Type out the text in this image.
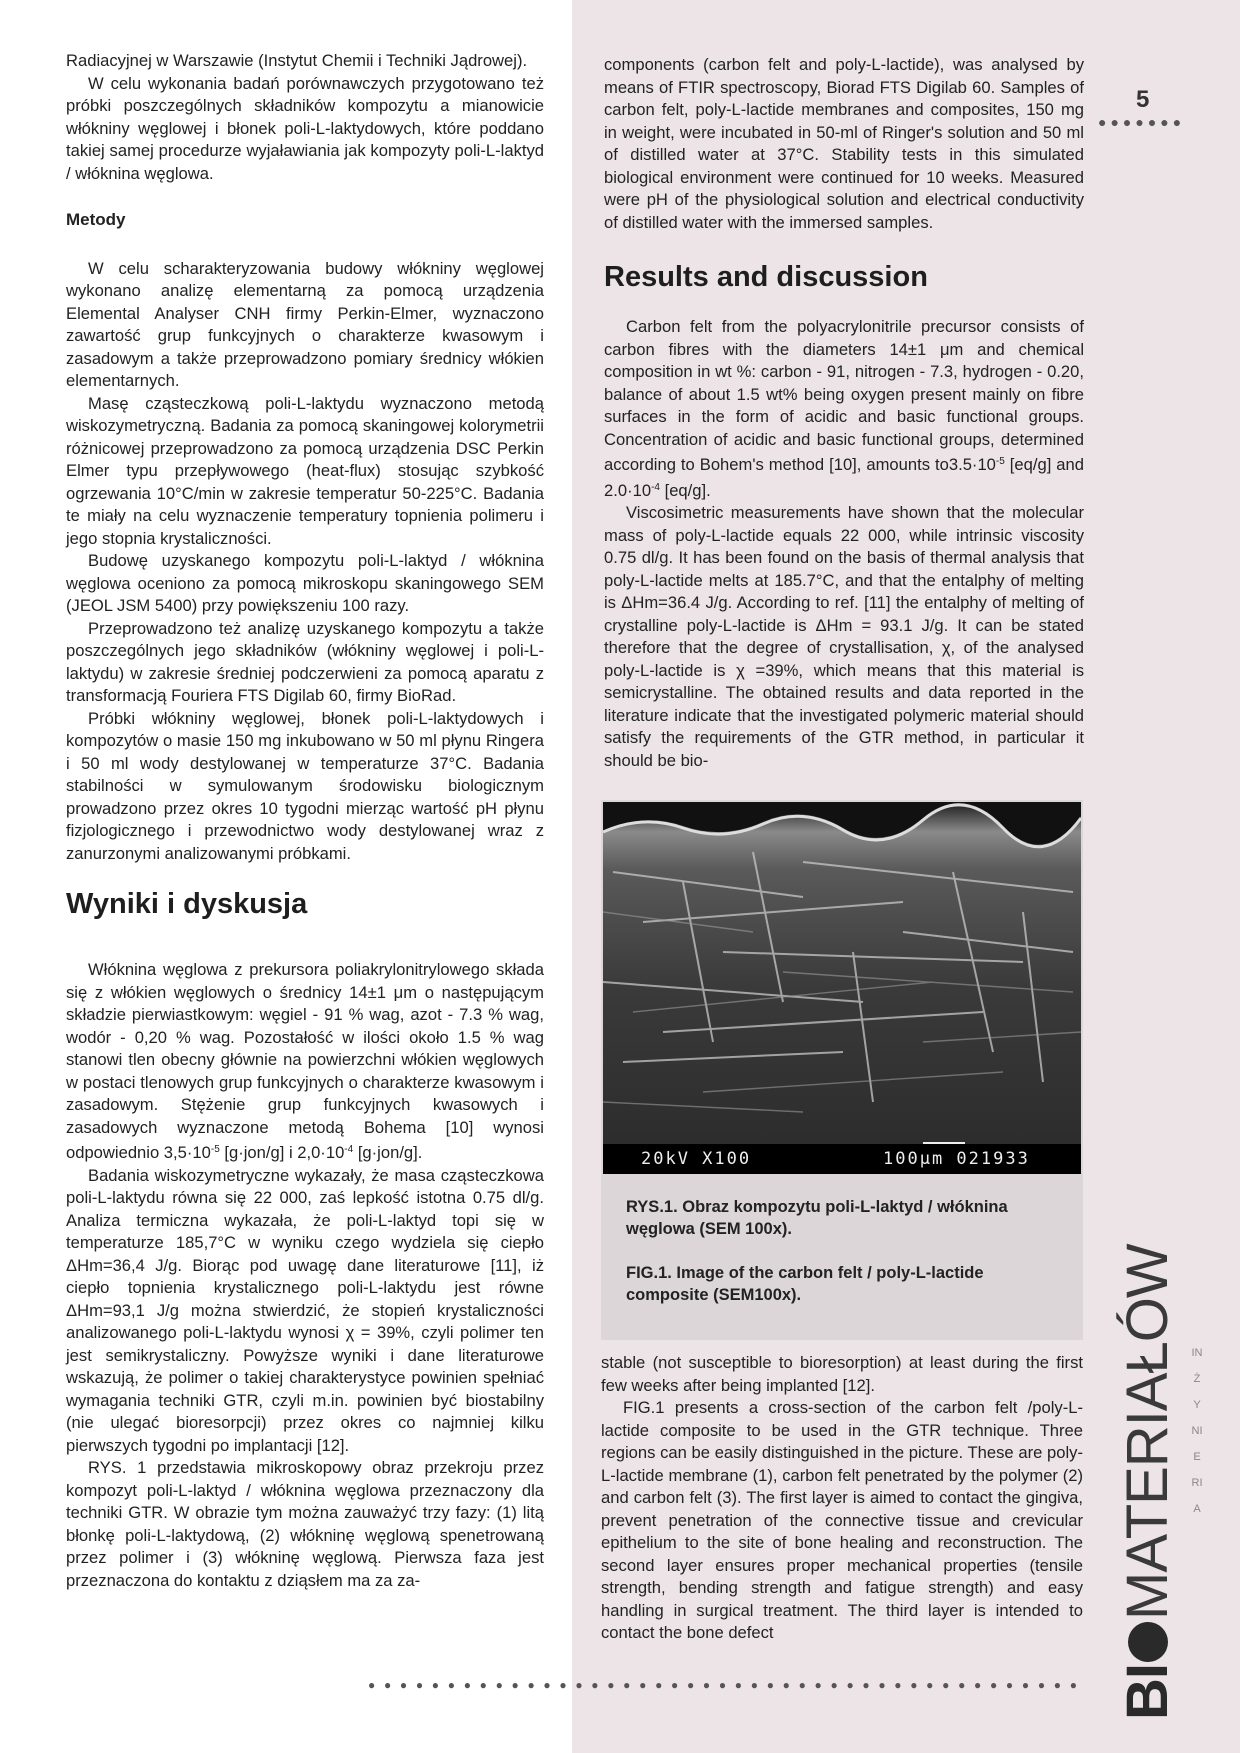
5
●●●●●●●

Radiacyjnej w Warszawie (Instytut Chemii i Techniki Jądrowej).

W celu wykonania badań porównawczych przygotowano też próbki poszczególnych składników kompozytu a mianowicie włókniny węglowej i błonek poli-L-laktydowych, które poddano takiej samej procedurze wyjaławiania jak kompozyty poli-L-laktyd / włóknina węglowa.

Metody

W celu scharakteryzowania budowy włókniny węglowej wykonano analizę elementarną za pomocą urządzenia Elemental Analyser CNH firmy Perkin-Elmer, wyznaczono zawartość grup funkcyjnych o charakterze kwasowym i zasadowym a także przeprowadzono pomiary średnicy włókien elementarnych.

Masę cząsteczkową poli-L-laktydu wyznaczono metodą wiskozymetryczną. Badania za pomocą skaningowej kolorymetrii różnicowej przeprowadzono za pomocą urządzenia DSC Perkin Elmer typu przepływowego (heat-flux) stosując szybkość ogrzewania 10°C/min w zakresie temperatur 50-225°C. Badania te miały na celu wyznaczenie temperatury topnienia polimeru i jego stopnia krystaliczności.

Budowę uzyskanego kompozytu poli-L-laktyd / włóknina węglowa oceniono za pomocą mikroskopu skaningowego SEM (JEOL JSM 5400) przy powiększeniu 100 razy.

Przeprowadzono też analizę uzyskanego kompozytu a także poszczególnych jego składników (włókniny węglowej i poli-L-laktydu) w zakresie średniej podczerwieni za pomocą aparatu z transformacją Fouriera FTS Digilab 60, firmy BioRad.

Próbki włókniny węglowej, błonek poli-L-laktydowych i kompozytów o masie 150 mg inkubowano w 50 ml płynu Ringera i 50 ml wody destylowanej w temperaturze 37°C. Badania stabilności w symulowanym środowisku biologicznym prowadzono przez okres 10 tygodni mierząc wartość pH płynu fizjologicznego i przewodnictwo wody destylowanej wraz z zanurzonymi analizowanymi próbkami.

Wyniki i dyskusja

Włóknina węglowa z prekursora poliakrylonitrylowego składa się z włókien węglowych o średnicy 14±1 μm o następującym składzie pierwiastkowym: węgiel - 91 % wag, azot - 7.3 % wag, wodór - 0,20 % wag. Pozostałość w ilości około 1.5 % wag stanowi tlen obecny głównie na powierzchni włókien węglowych w postaci tlenowych grup funkcyjnych o charakterze kwasowym i zasadowym. Stężenie grup funkcyjnych kwasowych i zasadowych wyznaczone metodą Bohema [10] wynosi odpowiednio $3,5\cdot 10^{-5}$ [g·jon/g] i $2,0\cdot 10^{-4}$ [g·jon/g].

Badania wiskozymetryczne wykazały, że masa cząsteczkowa poli-L-laktydu równa się 22 000, zaś lepkość istotna 0.75 dl/g. Analiza termiczna wykazała, że poli-L-laktyd topi się w temperaturze 185,7°C w wyniku czego wydziela się ciepło ΔHm=36,4 J/g. Biorąc pod uwagę dane literaturowe [11], iż ciepło topnienia krystalicznego poli-L-laktydu jest równe ΔHm=93,1 J/g można stwierdzić, że stopień krystaliczności analizowanego poli-L-laktydu wynosi χ = 39%, czyli polimer ten jest semikrystaliczny. Powyższe wyniki i dane literaturowe wskazują, że polimer o takiej charakterystyce powinien spełniać wymagania techniki GTR, czyli m.in. powinien być biostabilny (nie ulegać bioresorpcji) przez okres co najmniej kilku pierwszych tygodni po implantacji [12].

RYS. 1 przedstawia mikroskopowy obraz przekroju przez kompozyt poli-L-laktyd / włóknina węglowa przeznaczony dla techniki GTR. W obrazie tym można zauważyć trzy fazy: (1) litą błonkę poli-L-laktydową, (2) włókninę węglową spenetrowaną przez polimer i (3) włókninę węglową. Pierwsza faza jest przeznaczona do kontaktu z dziąsłem ma za za-

components (carbon felt and poly-L-lactide), was analysed by means of FTIR spectroscopy, Biorad FTS Digilab 60. Samples of carbon felt, poly-L-lactide membranes and composites, 150 mg in weight, were incubated in 50-ml of Ringer's solution and 50 ml of distilled water at 37°C. Stability tests in this simulated biological environment were continued for 10 weeks. Measured were pH of the physiological solution and electrical conductivity of distilled water with the immersed samples.

Results and discussion

Carbon felt from the polyacrylonitrile precursor consists of carbon fibres with the diameters 14±1 μm and chemical composition in wt %: carbon - 91, nitrogen - 7.3, hydrogen - 0.20, balance of about 1.5 wt% being oxygen present mainly on fibre surfaces in the form of acidic and basic functional groups. Concentration of acidic and basic functional groups, determined according to Bohem's method [10], amounts $to3.5\cdot 10^{-5}$ [eq/g] and $2.0\cdot 10^{-4}$ [eq/g].

Viscosimetric measurements have shown that the molecular mass of poly-L-lactide equals 22 000, while intrinsic viscosity 0.75 dl/g. It has been found on the basis of thermal analysis that poly-L-lactide melts at 185.7°C, and that the entalphy of melting is ΔHm=36.4 J/g. According to ref. [11] the entalphy of melting of crystalline poly-L-lactide is ΔHm = 93.1 J/g. It can be stated therefore that the degree of crystallisation, χ, of the analysed poly-L-lactide is χ =39%, which means that this material is semicrystalline. The obtained results and data reported in the literature indicate that the investigated polymeric material should satisfy the requirements of the GTR method, in particular it should be bio-

20kV X100	100μm 021933
RYS.1. Obraz kompozytu poli-L-laktyd / włóknina węglowa (SEM 100x).
FIG.1. Image of the carbon felt / poly-L-lactide composite (SEM100x).

stable (not susceptible to bioresorption) at least during the first few weeks after being implanted [12].

FIG.1 presents a cross-section of the carbon felt /poly-L-lactide composite to be used in the GTR technique. Three regions can be easily distinguished in the picture. These are poly-L-lactide membrane (1), carbon felt penetrated by the polymer (2) and carbon felt (3). The first layer is aimed to contact the gingiva, prevent penetration of the connective tissue and crevicular epithelium to the site of bone healing and reconstruction. The second layer ensures proper mechanical properties (tensile strength, bending strength and fatigue strength) and easy handling in surgical treatment. The third layer is intended to contact the bone defect

BIMATERIAŁÓW INŻYNIERIA
●●●●●●●●●●●●●●●●●●●●●●●●●●●●●●●●●●●●●●●●●●●●●
